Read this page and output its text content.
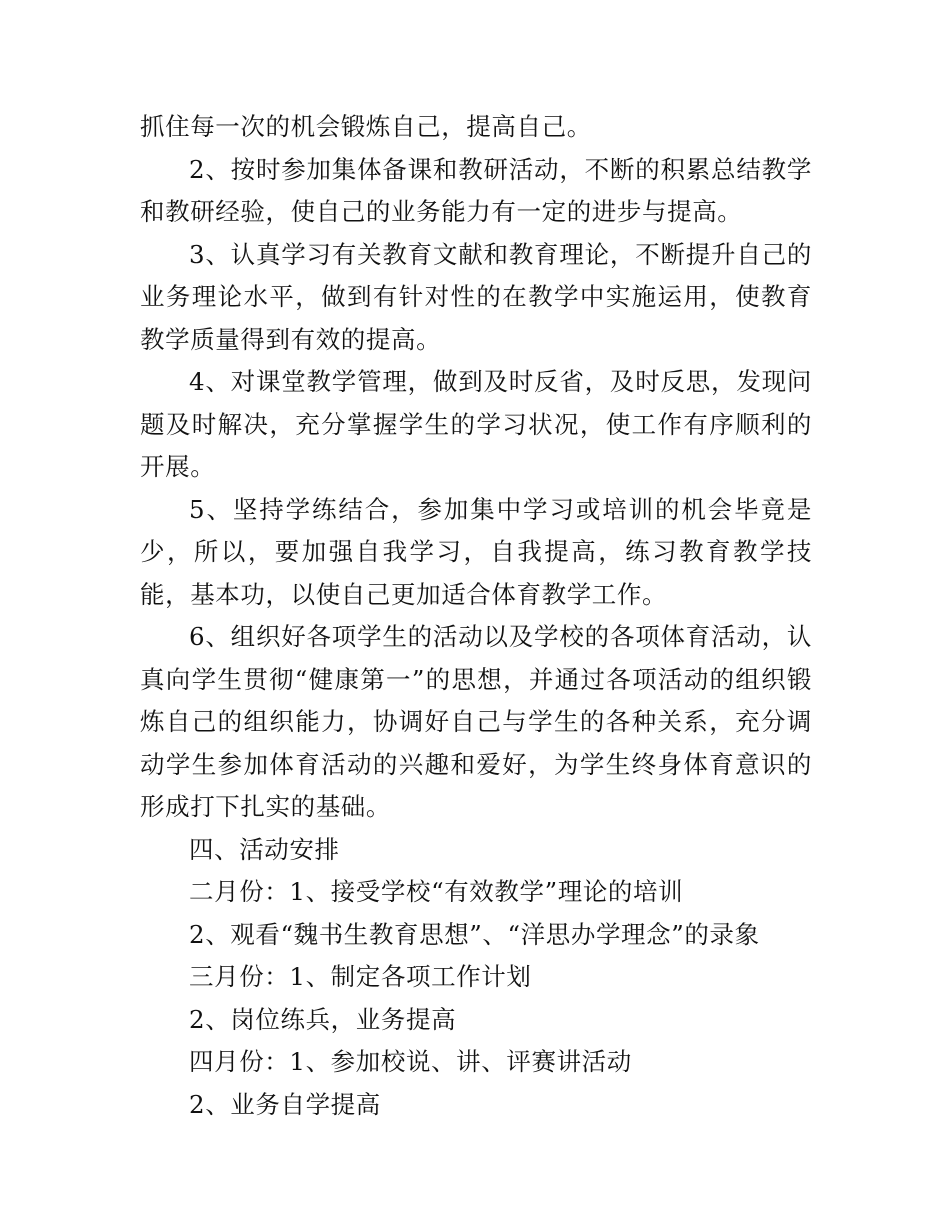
抓住每一次的机会锻炼自己，提高自己。

2、按时参加集体备课和教研活动，不断的积累总结教学和教研经验，使自己的业务能力有一定的进步与提高。

3、认真学习有关教育文献和教育理论，不断提升自己的业务理论水平，做到有针对性的在教学中实施运用，使教育教学质量得到有效的提高。

4、对课堂教学管理，做到及时反省，及时反思，发现问题及时解决，充分掌握学生的学习状况，使工作有序顺利的开展。

5、坚持学练结合，参加集中学习或培训的机会毕竟是少，所以，要加强自我学习，自我提高，练习教育教学技能，基本功，以使自己更加适合体育教学工作。

6、组织好各项学生的活动以及学校的各项体育活动，认真向学生贯彻“健康第一”的思想，并通过各项活动的组织锻炼自己的组织能力，协调好自己与学生的各种关系，充分调动学生参加体育活动的兴趣和爱好，为学生终身体育意识的形成打下扎实的基础。

四、活动安排

二月份：1、接受学校“有效教学”理论的培训

2、观看“魏书生教育思想”、“洋思办学理念”的录象

三月份：1、制定各项工作计划

2、岗位练兵，业务提高

四月份：1、参加校说、讲、评赛讲活动

2、业务自学提高
